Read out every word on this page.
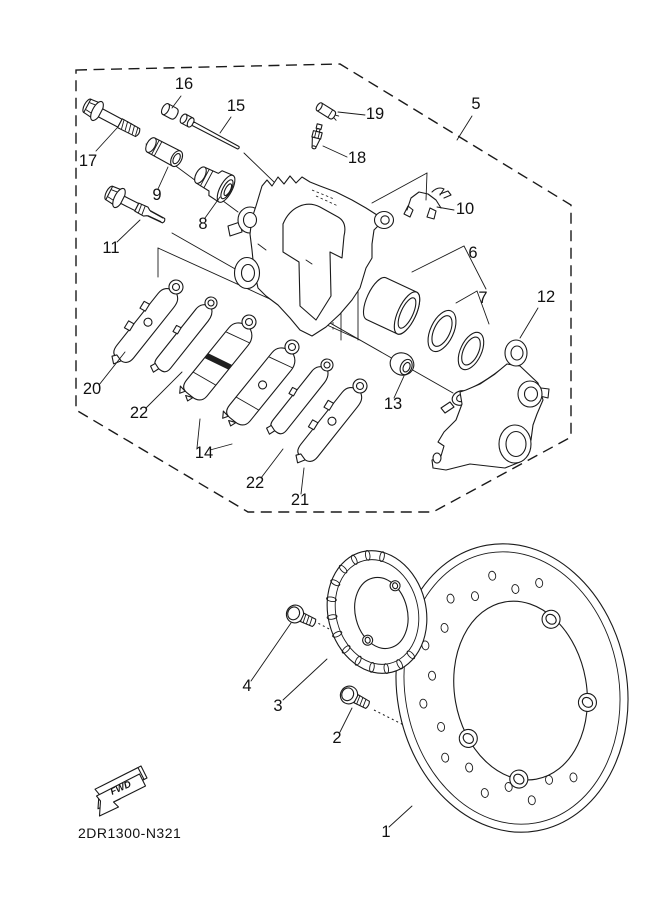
17
16
15	19
18
5
9
8
11
10
6
7	12
13
20
22
14
22
21
4
3
2
1
FWD
2DR1300-N321
